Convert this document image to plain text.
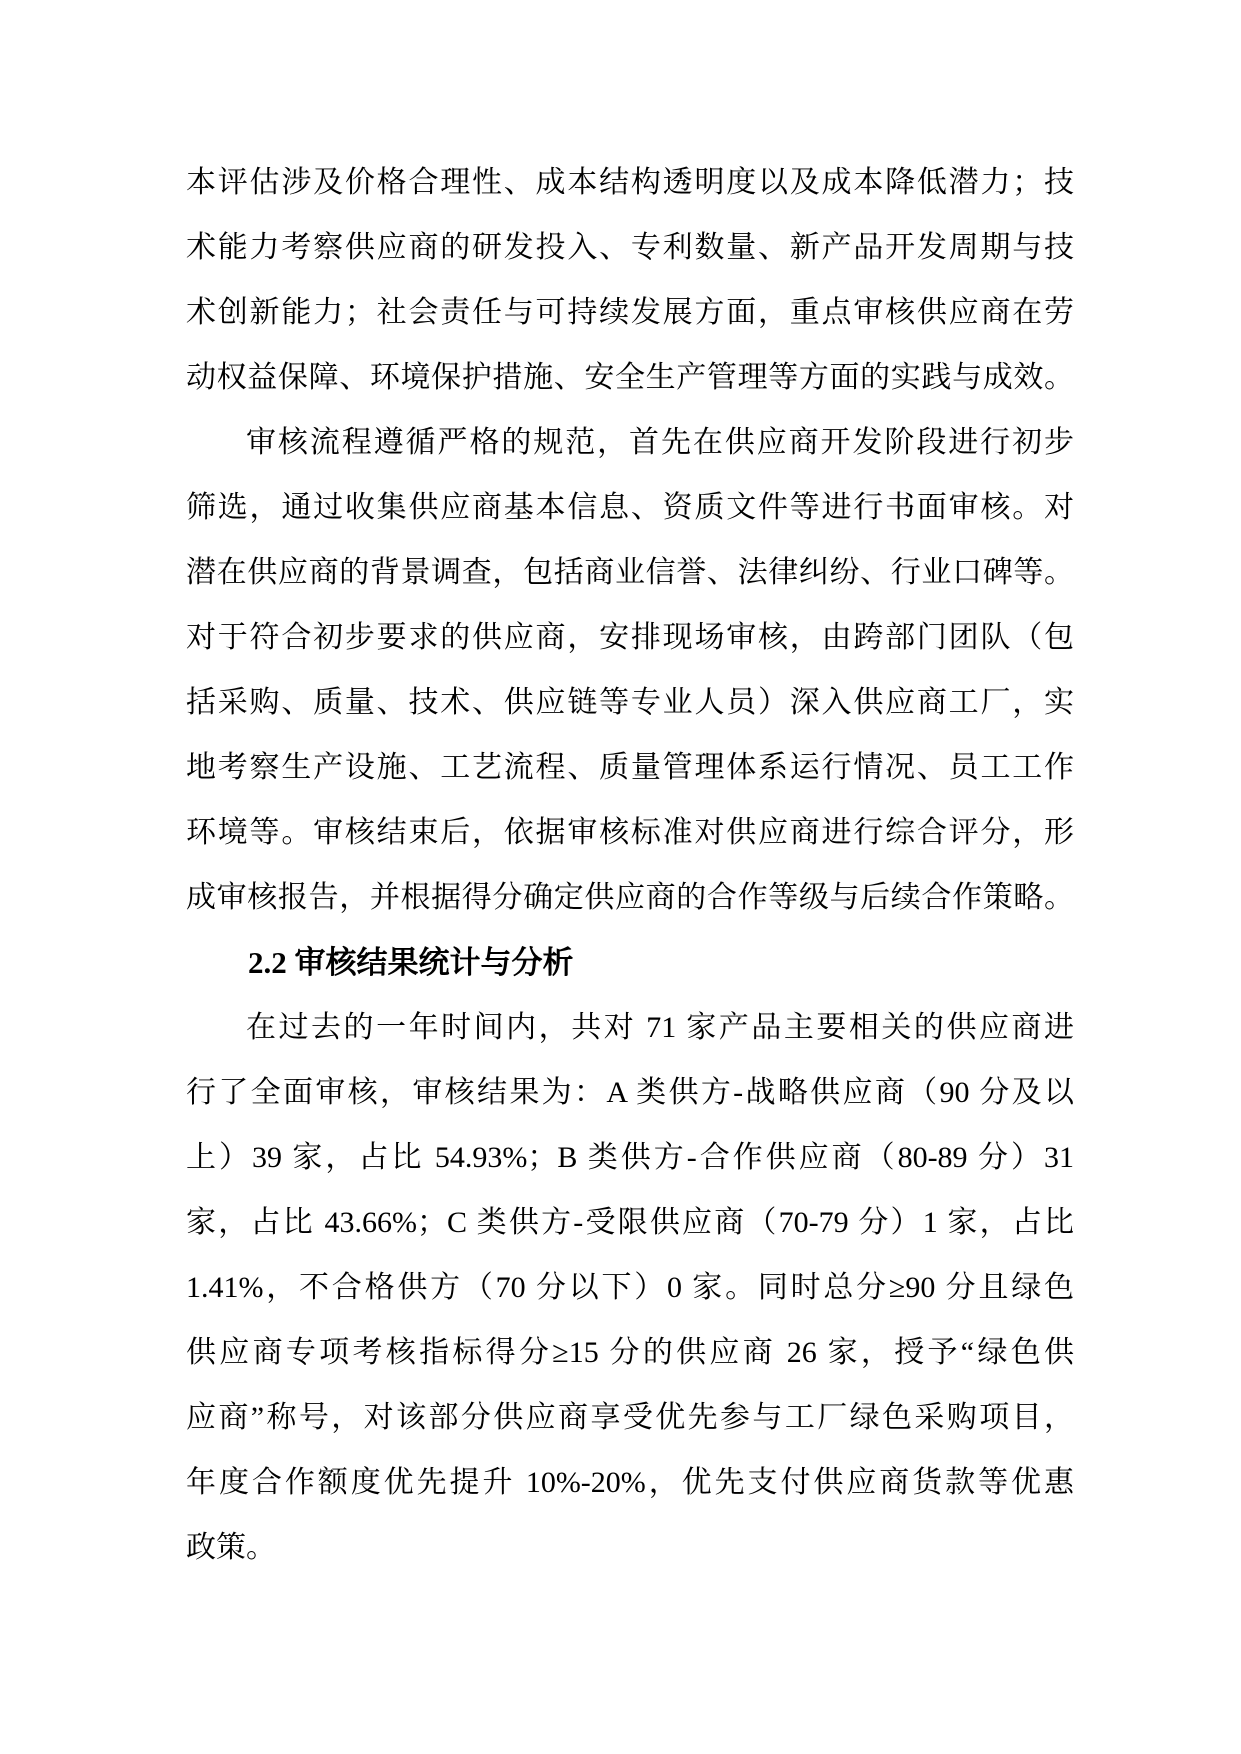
本评估涉及价格合理性、成本结构透明度以及成本降低潜力；技
术能力考察供应商的研发投入、专利数量、新产品开发周期与技
术创新能力；社会责任与可持续发展方面，重点审核供应商在劳
动权益保障、环境保护措施、安全生产管理等方面的实践与成效。
审核流程遵循严格的规范，首先在供应商开发阶段进行初步
筛选，通过收集供应商基本信息、资质文件等进行书面审核。对
潜在供应商的背景调查，包括商业信誉、法律纠纷、行业口碑等。
对于符合初步要求的供应商，安排现场审核，由跨部门团队（包
括采购、质量、技术、供应链等专业人员）深入供应商工厂，实
地考察生产设施、工艺流程、质量管理体系运行情况、员工工作
环境等。审核结束后，依据审核标准对供应商进行综合评分，形
成审核报告，并根据得分确定供应商的合作等级与后续合作策略。
2.2 审核结果统计与分析
在过去的一年时间内，共对 71 家产品主要相关的供应商进
行了全面审核，审核结果为：A 类供方-战略供应商（90 分及以
上）39 家，占比 54.93%；B 类供方-合作供应商（80-89 分）31
家，占比 43.66%；C 类供方-受限供应商（70-79 分）1 家，占比
1.41%，不合格供方（70 分以下）0 家。同时总分≥90 分且绿色
供应商专项考核指标得分≥15 分的供应商 26 家，授予“绿色供
应商”称号，对该部分供应商享受优先参与工厂绿色采购项目，
年度合作额度优先提升 10%-20%，优先支付供应商货款等优惠
政策。
